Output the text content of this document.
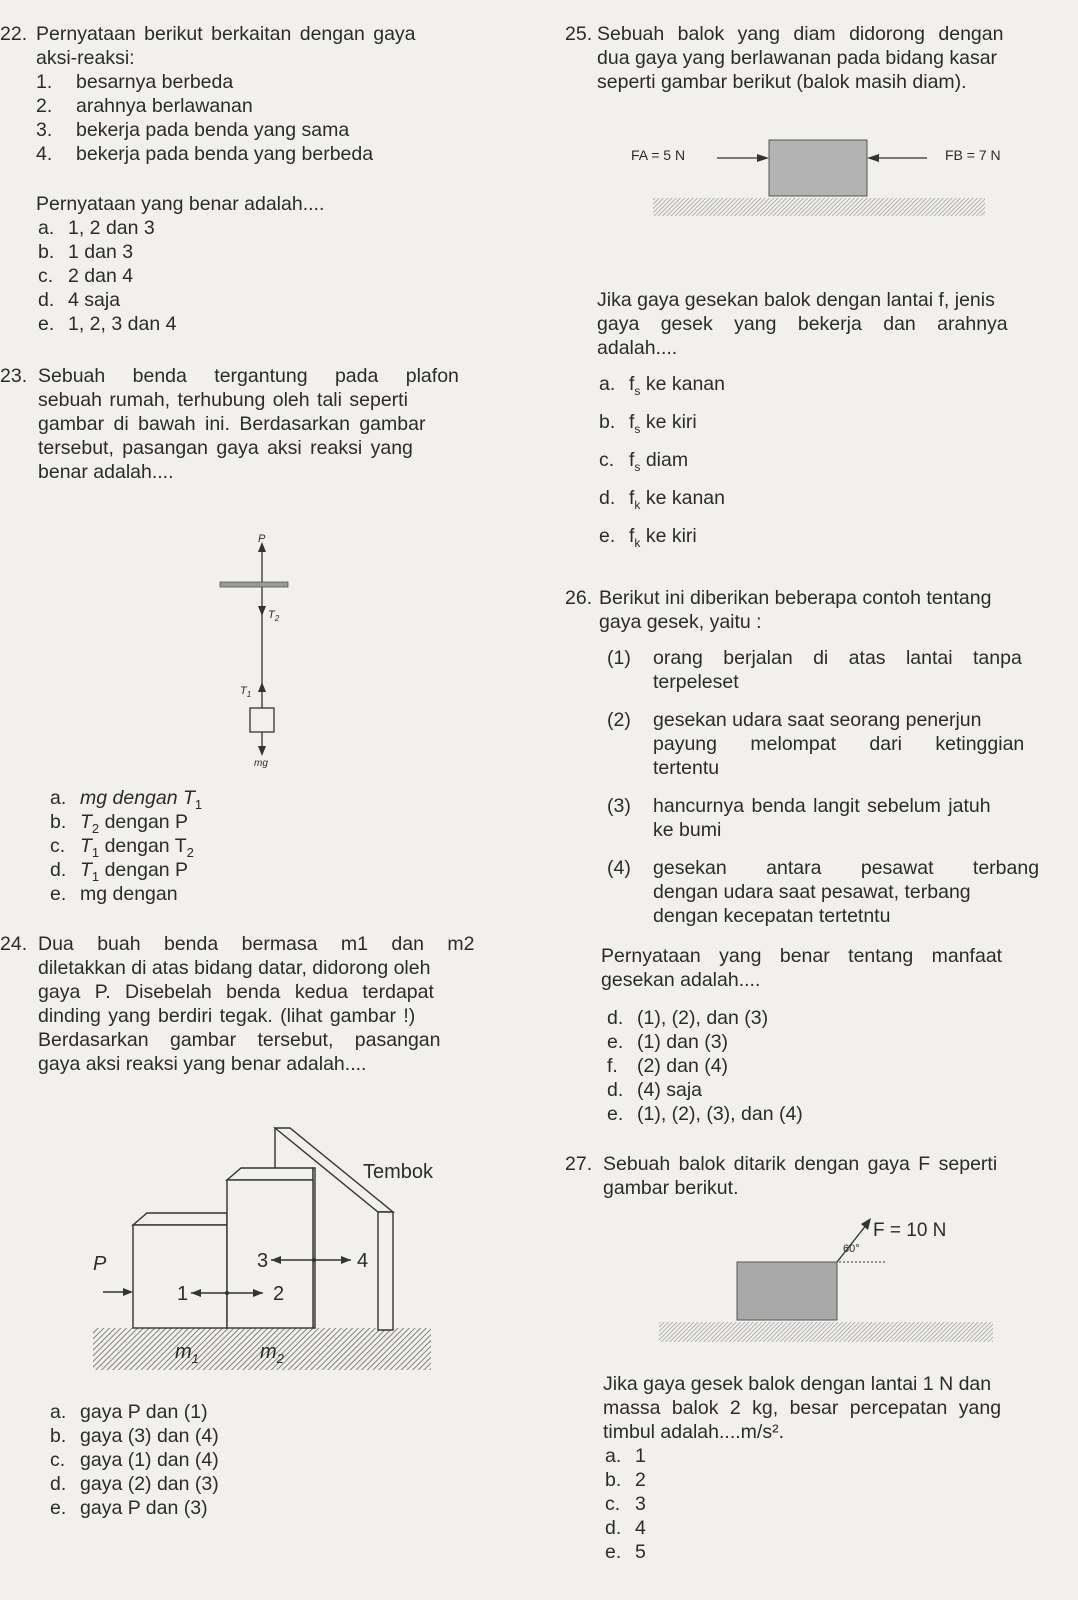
22. Pernyataan berikut berkaitan dengan gaya
aksi-reaksi:
1. besarnya berbeda
2. arahnya berlawanan
3. bekerja pada benda yang sama
4. bekerja pada benda yang berbeda
Pernyataan yang benar adalah....
a. 1, 2 dan 3
b. 1 dan 3
c. 2 dan 4
d. 4 saja
e. 1, 2, 3 dan 4
23. Sebuah benda tergantung pada plafon
sebuah rumah, terhubung oleh tali seperti
gambar di bawah ini. Berdasarkan gambar
tersebut, pasangan gaya aksi reaksi yang
benar adalah....
P
$T_2$
$T_1$
mg
a. mg dengan $T_1$
b. $T_2$ dengan P
c. $T_1$ dengan $T_2$
d. $T_1$ dengan P
e. mg dengan
24. Dua buah benda bermasa m1 dan m2
diletakkan di atas bidang datar, didorong oleh
gaya P. Disebelah benda kedua terdapat
dinding yang berdiri tegak. (lihat gambar !)
Berdasarkan gambar tersebut, pasangan
gaya aksi reaksi yang benar adalah....
Tembok
P
1	2
3	4
$m_1$	$m_2$
a. gaya P dan (1)
b. gaya (3) dan (4)
c. gaya (1) dan (4)
d. gaya (2) dan (3)
e. gaya P dan (3)
25. Sebuah balok yang diam didorong dengan
dua gaya yang berlawanan pada bidang kasar
seperti gambar berikut (balok masih diam).
FA = 5 N	FB = 7 N
Jika gaya gesekan balok dengan lantai f, jenis
gaya gesek yang bekerja dan arahnya
adalah....
a. $f_s$ ke kanan
b. $f_s$ ke kiri
c. $f_s$ diam
d. $f_k$ ke kanan
e. $f_k$ ke kiri
26. Berikut ini diberikan beberapa contoh tentang
gaya gesek, yaitu :
(1) orang berjalan di atas lantai tanpa
terpeleset
(2) gesekan udara saat seorang penerjun
payung melompat dari ketinggian
tertentu
(3) hancurnya benda langit sebelum jatuh
ke bumi
(4) gesekan antara pesawat terbang
dengan udara saat pesawat, terbang
dengan kecepatan tertetntu
Pernyataan yang benar tentang manfaat
gesekan adalah....
d. (1), (2), dan (3)
e. (1) dan (3)
f. (2) dan (4)
d. (4) saja
e. (1), (2), (3), dan (4)
27. Sebuah balok ditarik dengan gaya F seperti
gambar berikut.
F = 10 N
60°
Jika gaya gesek balok dengan lantai 1 N dan
massa balok 2 kg, besar percepatan yang
timbul adalah....m/s².
a. 1
b. 2
c. 3
d. 4
e. 5
